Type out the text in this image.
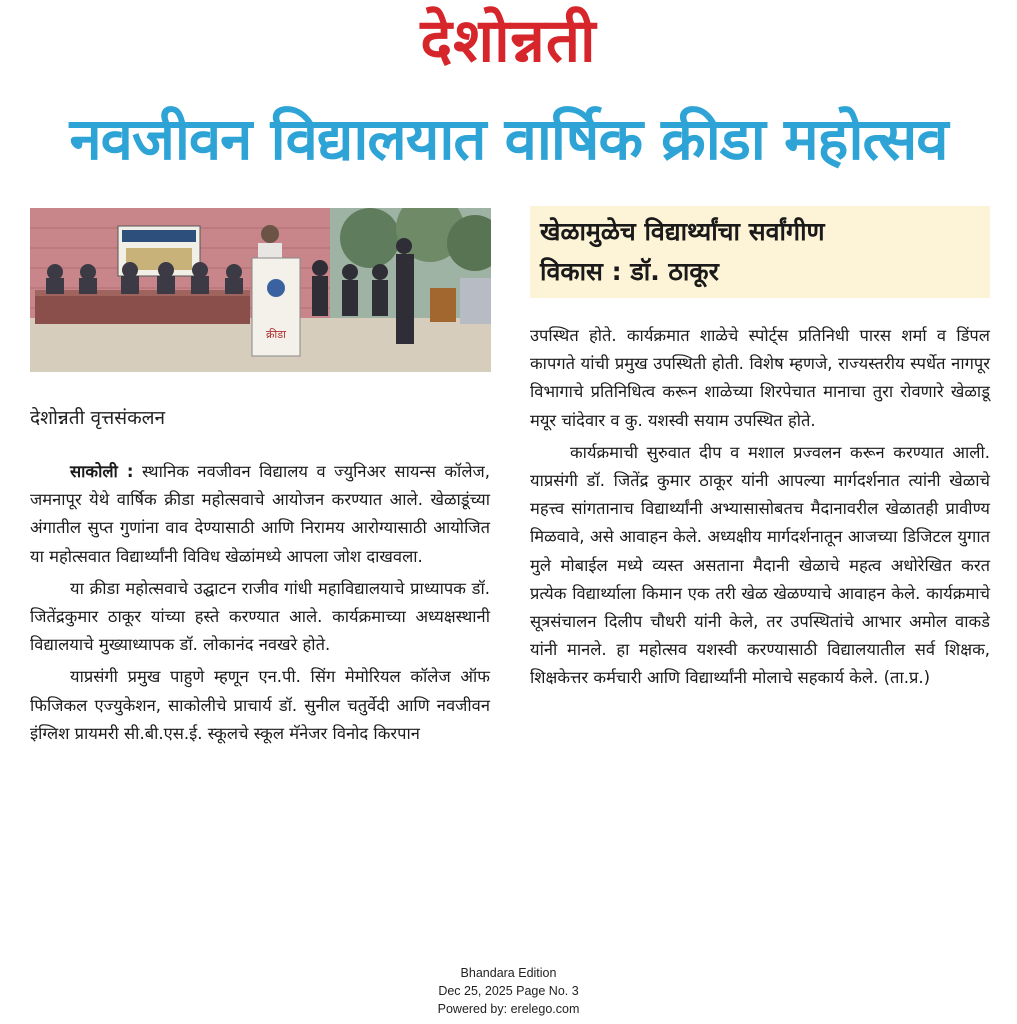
देशोन्नती
नवजीवन विद्यालयात वार्षिक क्रीडा महोत्सव
क्रीडा
खेळामुळेच विद्यार्थ्यांचा सर्वांगीण
विकास : डॉ. ठाकूर
देशोन्नती वृत्तसंकलन

साकोली : स्थानिक नवजीवन विद्यालय व ज्युनिअर सायन्स कॉलेज, जमनापूर येथे वार्षिक क्रीडा महोत्सवाचे आयोजन करण्यात आले. खेळाडूंच्या अंगातील सुप्त गुणांना वाव देण्यासाठी आणि निरामय आरोग्यासाठी आयोजित या महोत्सवात विद्यार्थ्यांनी विविध खेळांमध्ये आपला जोश दाखवला.

या क्रीडा महोत्सवाचे उद्घाटन राजीव गांधी महाविद्यालयाचे प्राध्यापक डॉ. जितेंद्रकुमार ठाकूर यांच्या हस्ते करण्यात आले. कार्यक्रमाच्या अध्यक्षस्थानी विद्यालयाचे मुख्याध्यापक डॉ. लोकानंद नवखरे होते.

याप्रसंगी प्रमुख पाहुणे म्हणून एन.पी. सिंग मेमोरियल कॉलेज ऑफ फिजिकल एज्युकेशन, साकोलीचे प्राचार्य डॉ. सुनील चतुर्वेदी आणि नवजीवन इंग्लिश प्रायमरी सी.बी.एस.ई. स्कूलचे स्कूल मॅनेजर विनोद किरपान

उपस्थित होते. कार्यक्रमात शाळेचे स्पोर्ट्स प्रतिनिधी पारस शर्मा व डिंपल कापगते यांची प्रमुख उपस्थिती होती. विशेष म्हणजे, राज्यस्तरीय स्पर्धेत नागपूर विभागाचे प्रतिनिधित्व करून शाळेच्या शिरपेचात मानाचा तुरा रोवणारे खेळाडू मयूर चांदेवार व कु. यशस्वी सयाम उपस्थित होते.

कार्यक्रमाची सुरुवात दीप व मशाल प्रज्वलन करून करण्यात आली. याप्रसंगी डॉ. जितेंद्र कुमार ठाकूर यांनी आपल्या मार्गदर्शनात त्यांनी खेळाचे महत्त्व सांगतानाच विद्यार्थ्यांनी अभ्यासासोबतच मैदानावरील खेळातही प्रावीण्य मिळवावे, असे आवाहन केले. अध्यक्षीय मार्गदर्शनातून आजच्या डिजिटल युगात मुले मोबाईल मध्ये व्यस्त असताना मैदानी खेळाचे महत्व अधोरेखित करत प्रत्येक विद्यार्थ्याला किमान एक तरी खेळ खेळण्याचे आवाहन केले. कार्यक्रमाचे सूत्रसंचालन दिलीप चौधरी यांनी केले, तर उपस्थितांचे आभार अमोल वाकडे यांनी मानले. हा महोत्सव यशस्वी करण्यासाठी विद्यालयातील सर्व शिक्षक, शिक्षकेत्तर कर्मचारी आणि विद्यार्थ्यांनी मोलाचे सहकार्य केले. (ता.प्र.)

Bhandara Edition
Dec 25, 2025 Page No. 3
Powered by: erelego.com
